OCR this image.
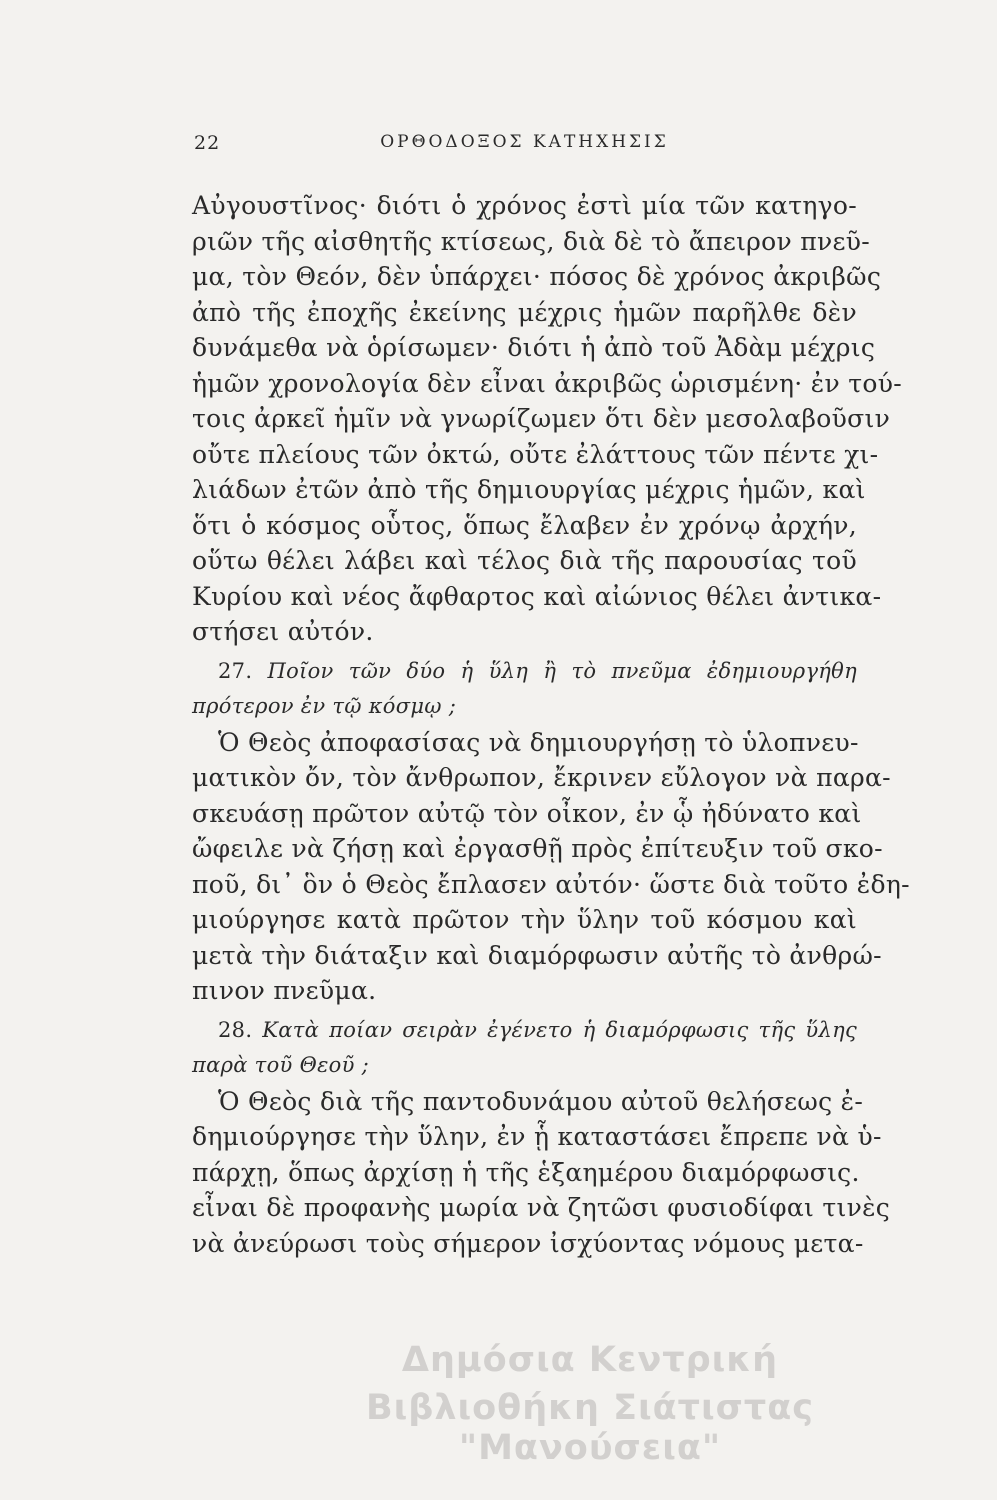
22	ΟΡΘΟΔΟΞΟΣ ΚΑΤΗΧΗΣΙΣ
Αὐγουστῖνος· διότι ὁ χρόνος ἐστὶ μία τῶν κατηγο-
ριῶν τῆς αἰσθητῆς κτίσεως, διὰ δὲ τὸ ἄπειρον πνεῦ-
μα, τὸν Θεόν, δὲν ὑπάρχει· πόσος δὲ χρόνος ἀκριβῶς
ἀπὸ τῆς ἐποχῆς ἐκείνης μέχρις ἡμῶν παρῆλθε δὲν
δυνάμεθα νὰ ὁρίσωμεν· διότι ἡ ἀπὸ τοῦ Ἀδὰμ μέχρις
ἡμῶν χρονολογία δὲν εἶναι ἀκριβῶς ὡρισμένη· ἐν τού-
τοις ἀρκεῖ ἡμῖν νὰ γνωρίζωμεν ὅτι δὲν μεσολαβοῦσιν
οὔτε πλείους τῶν ὀκτώ, οὔτε ἐλάττους τῶν πέντε χι-
λιάδων ἐτῶν ἀπὸ τῆς δημιουργίας μέχρις ἡμῶν, καὶ
ὅτι ὁ κόσμος οὗτος, ὅπως ἔλαβεν ἐν χρόνῳ ἀρχήν,
οὕτω θέλει λάβει καὶ τέλος διὰ τῆς παρουσίας τοῦ
Κυρίου καὶ νέος ἄφθαρτος καὶ αἰώνιος θέλει ἀντικα-
στήσει αὐτόν.
27. Ποῖον τῶν δύο ἡ ὕλη ἢ τὸ πνεῦμα ἐδημιουργήθη
πρότερον ἐν τῷ κόσμῳ ;
Ὁ Θεὸς ἀποφασίσας νὰ δημιουργήσῃ τὸ ὑλοπνευ-
ματικὸν ὄν, τὸν ἄνθρωπον, ἔκρινεν εὔλογον νὰ παρα-
σκευάσῃ πρῶτον αὐτῷ τὸν οἶκον, ἐν ᾧ ἠδύνατο καὶ
ὤφειλε νὰ ζήσῃ καὶ ἐργασθῇ πρὸς ἐπίτευξιν τοῦ σκο-
ποῦ, δι᾽ ὃν ὁ Θεὸς ἔπλασεν αὐτόν· ὥστε διὰ τοῦτο ἐδη-
μιούργησε κατὰ πρῶτον τὴν ὕλην τοῦ κόσμου καὶ
μετὰ τὴν διάταξιν καὶ διαμόρφωσιν αὐτῆς τὸ ἀνθρώ-
πινον πνεῦμα.
28. Κατὰ ποίαν σειρὰν ἐγένετο ἡ διαμόρφωσις τῆς ὕλης
παρὰ τοῦ Θεοῦ ;
Ὁ Θεὸς διὰ τῆς παντοδυνάμου αὐτοῦ θελήσεως ἐ-
δημιούργησε τὴν ὕλην, ἐν ᾗ καταστάσει ἔπρεπε νὰ ὑ-
πάρχῃ, ὅπως ἀρχίσῃ ἡ τῆς ἑξαημέρου διαμόρφωσις.
εἶναι δὲ προφανὴς μωρία νὰ ζητῶσι φυσιοδίφαι τινὲς
νὰ ἀνεύρωσι τοὺς σήμερον ἰσχύοντας νόμους μετα-
Δημόσια Κεντρική
Βιβλιοθήκη Σιάτιστας "Μανούσεια"
